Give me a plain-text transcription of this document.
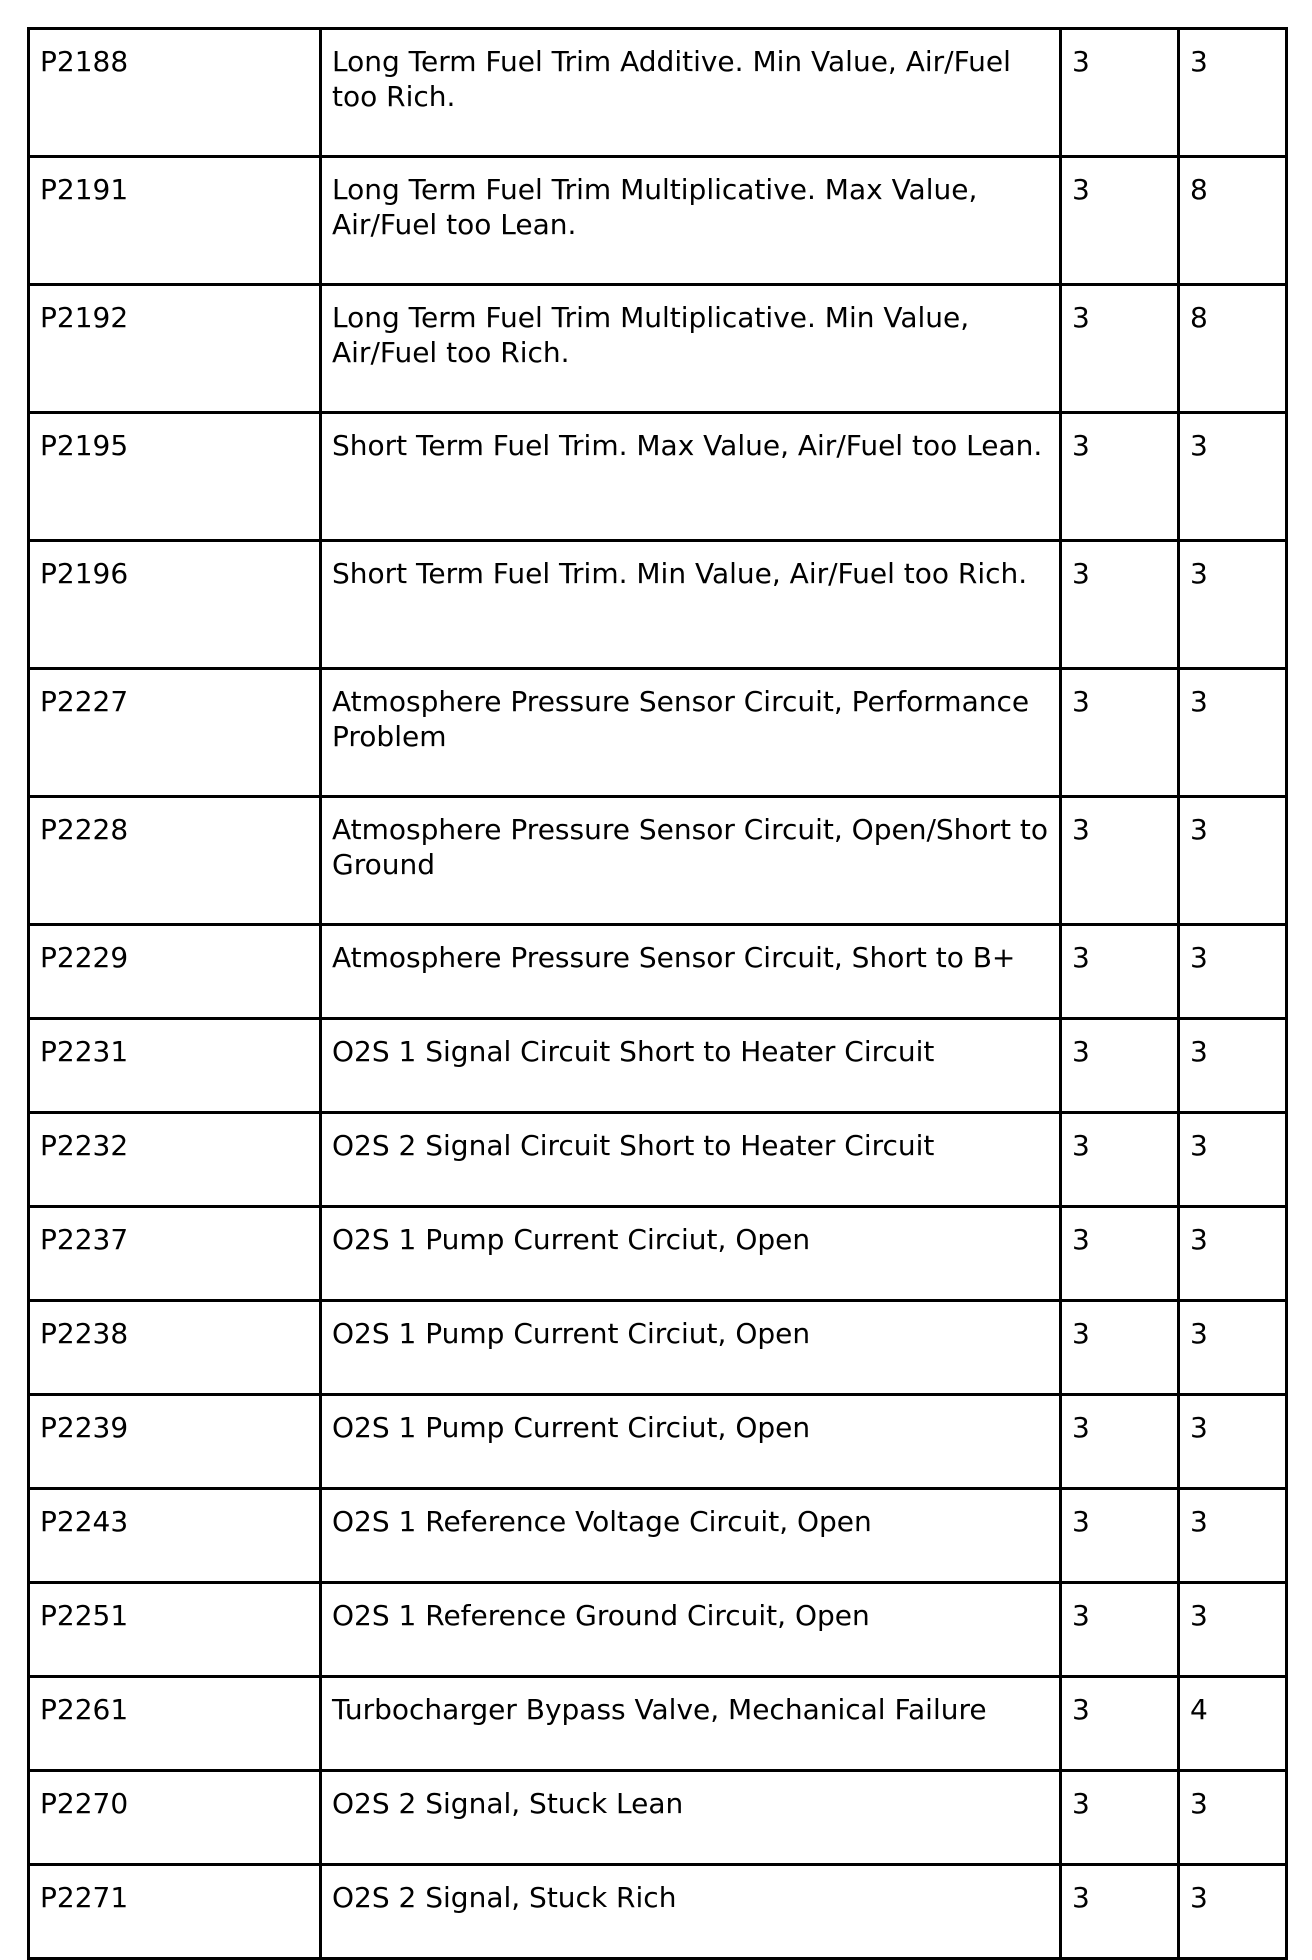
P2188	Long Term Fuel Trim Additive. Min Value, Air/Fuel too Rich.	3	3
P2191	Long Term Fuel Trim Multiplicative. Max Value, Air/Fuel too Lean.	3	8
P2192	Long Term Fuel Trim Multiplicative. Min Value, Air/Fuel too Rich.	3	8
P2195	Short Term Fuel Trim. Max Value, Air/Fuel too Lean.	3	3
P2196	Short Term Fuel Trim. Min Value, Air/Fuel too Rich.	3	3
P2227	Atmosphere Pressure Sensor Circuit, Performance Problem	3	3
P2228	Atmosphere Pressure Sensor Circuit, Open/Short to Ground	3	3
P2229	Atmosphere Pressure Sensor Circuit, Short to B+	3	3
P2231	O2S 1 Signal Circuit Short to Heater Circuit	3	3
P2232	O2S 2 Signal Circuit Short to Heater Circuit	3	3
P2237	O2S 1 Pump Current Circiut, Open	3	3
P2238	O2S 1 Pump Current Circiut, Open	3	3
P2239	O2S 1 Pump Current Circiut, Open	3	3
P2243	O2S 1 Reference Voltage Circuit, Open	3	3
P2251	O2S 1 Reference Ground Circuit, Open	3	3
P2261	Turbocharger Bypass Valve, Mechanical Failure	3	4
P2270	O2S 2 Signal, Stuck Lean	3	3
P2271	O2S 2 Signal, Stuck Rich	3	3
